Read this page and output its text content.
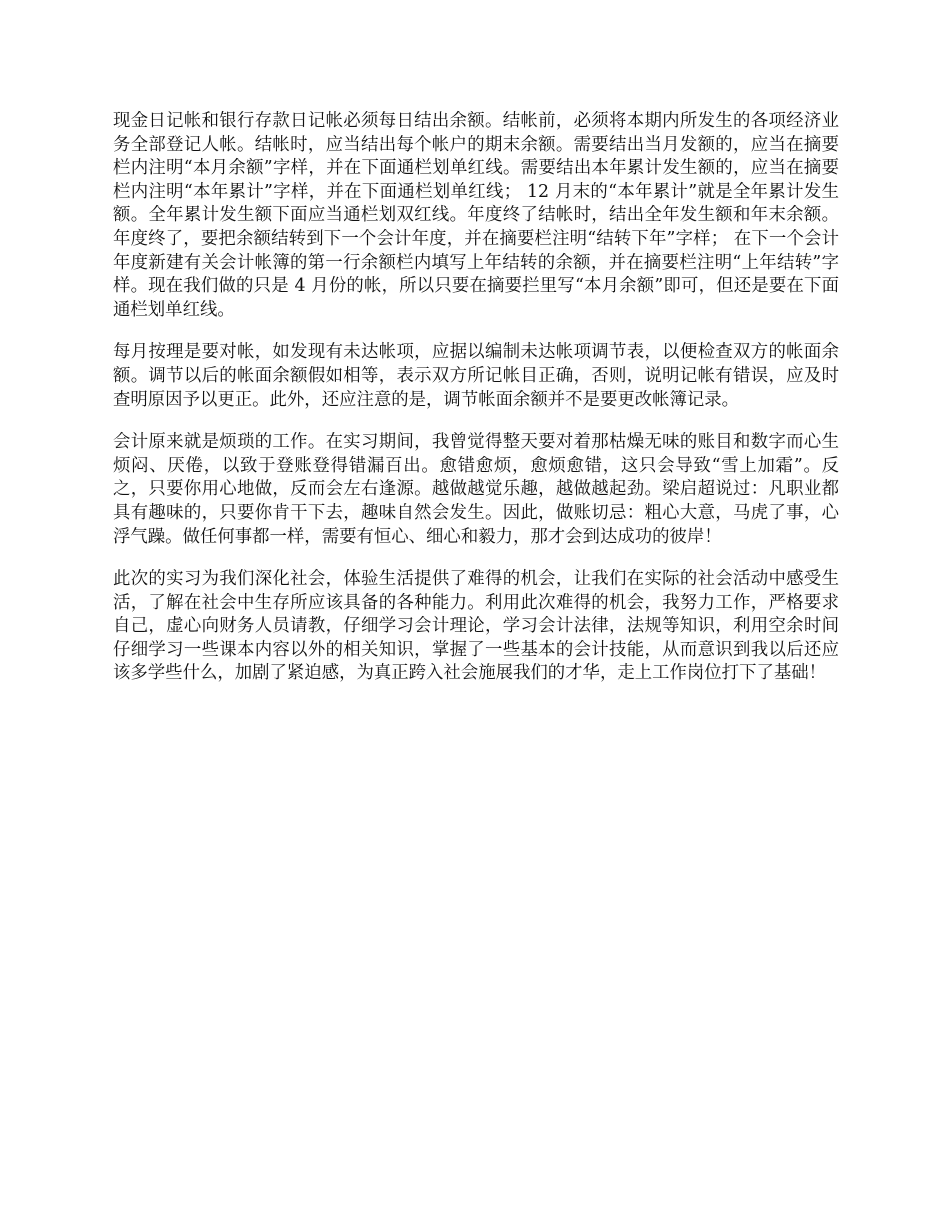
现金日记帐和银行存款日记帐必须每日结出余额。结帐前，必须将本期内所发生的各项经济业务全部登记人帐。结帐时，应当结出每个帐户的期末余额。需要结出当月发额的，应当在摘要栏内注明“本月余额”字样，并在下面通栏划单红线。需要结出本年累计发生额的，应当在摘要栏内注明“本年累计”字样，并在下面通栏划单红线； 12 月末的“本年累计”就是全年累计发生额。全年累计发生额下面应当通栏划双红线。年度终了结帐时，结出全年发生额和年末余额。年度终了，要把余额结转到下一个会计年度，并在摘要栏注明“结转下年”字样； 在下一个会计年度新建有关会计帐簿的第一行余额栏内填写上年结转的余额，并在摘要栏注明“上年结转”字样。现在我们做的只是 4 月份的帐，所以只要在摘要拦里写“本月余额”即可，但还是要在下面通栏划单红线。

每月按理是要对帐，如发现有未达帐项，应据以编制未达帐项调节表，以便检查双方的帐面余额。调节以后的帐面余额假如相等，表示双方所记帐目正确，否则，说明记帐有错误，应及时查明原因予以更正。此外，还应注意的是，调节帐面余额并不是要更改帐簿记录。

会计原来就是烦琐的工作。在实习期间，我曾觉得整天要对着那枯燥无味的账目和数字而心生烦闷、厌倦，以致于登账登得错漏百出。愈错愈烦，愈烦愈错，这只会导致“雪上加霜”。反之，只要你用心地做，反而会左右逢源。越做越觉乐趣，越做越起劲。梁启超说过：凡职业都具有趣味的，只要你肯干下去，趣味自然会发生。因此，做账切忌：粗心大意，马虎了事，心浮气躁。做任何事都一样，需要有恒心、细心和毅力，那才会到达成功的彼岸！

此次的实习为我们深化社会，体验生活提供了难得的机会，让我们在实际的社会活动中感受生活，了解在社会中生存所应该具备的各种能力。利用此次难得的机会，我努力工作，严格要求自己，虚心向财务人员请教，仔细学习会计理论，学习会计法律，法规等知识，利用空余时间仔细学习一些课本内容以外的相关知识，掌握了一些基本的会计技能，从而意识到我以后还应该多学些什么，加剧了紧迫感，为真正跨入社会施展我们的才华，走上工作岗位打下了基础！
